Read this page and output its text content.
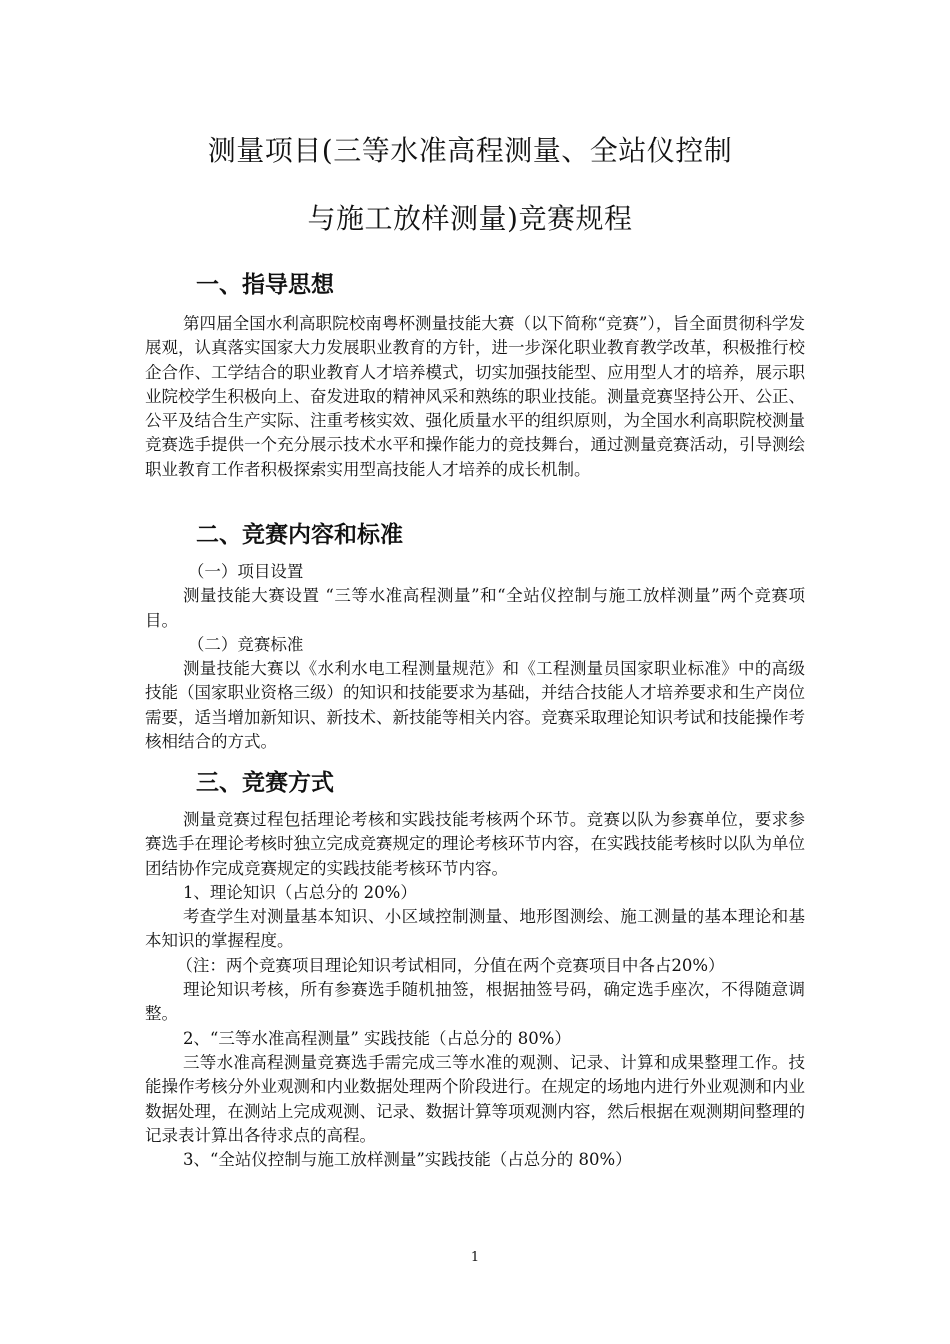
测量项目(三等水准高程测量、全站仪控制
与施工放样测量)竞赛规程
一、指导思想

第四届全国水利高职院校南粤杯测量技能大赛（以下简称“竞赛”），旨全面贯彻科学发展观，认真落实国家大力发展职业教育的方针，进一步深化职业教育教学改革，积极推行校企合作、工学结合的职业教育人才培养模式，切实加强技能型、应用型人才的培养，展示职业院校学生积极向上、奋发进取的精神风采和熟练的职业技能。测量竞赛坚持公开、公正、公平及结合生产实际、注重考核实效、强化质量水平的组织原则，为全国水利高职院校测量竞赛选手提供一个充分展示技术水平和操作能力的竞技舞台，通过测量竞赛活动，引导测绘职业教育工作者积极探索实用型高技能人才培养的成长机制。

二、竞赛内容和标准

（一）项目设置

测量技能大赛设置 “三等水准高程测量”和“全站仪控制与施工放样测量”两个竞赛项目。

（二）竞赛标准

测量技能大赛以《水利水电工程测量规范》和《工程测量员国家职业标准》中的高级技能（国家职业资格三级）的知识和技能要求为基础，并结合技能人才培养要求和生产岗位需要，适当增加新知识、新技术、新技能等相关内容。竞赛采取理论知识考试和技能操作考核相结合的方式。

三、竞赛方式

测量竞赛过程包括理论考核和实践技能考核两个环节。竞赛以队为参赛单位，要求参赛选手在理论考核时独立完成竞赛规定的理论考核环节内容，在实践技能考核时以队为单位团结协作完成竞赛规定的实践技能考核环节内容。

1、理论知识（占总分的 20%）

考查学生对测量基本知识、小区域控制测量、地形图测绘、施工测量的基本理论和基本知识的掌握程度。

（注：两个竞赛项目理论知识考试相同，分值在两个竞赛项目中各占20%）

理论知识考核，所有参赛选手随机抽签，根据抽签号码，确定选手座次，不得随意调整。

2、“三等水准高程测量” 实践技能（占总分的 80%）

三等水准高程测量竞赛选手需完成三等水准的观测、记录、计算和成果整理工作。技能操作考核分外业观测和内业数据处理两个阶段进行。在规定的场地内进行外业观测和内业数据处理，在测站上完成观测、记录、数据计算等项观测内容，然后根据在观测期间整理的记录表计算出各待求点的高程。

3、“全站仪控制与施工放样测量”实践技能（占总分的 80%）

1
